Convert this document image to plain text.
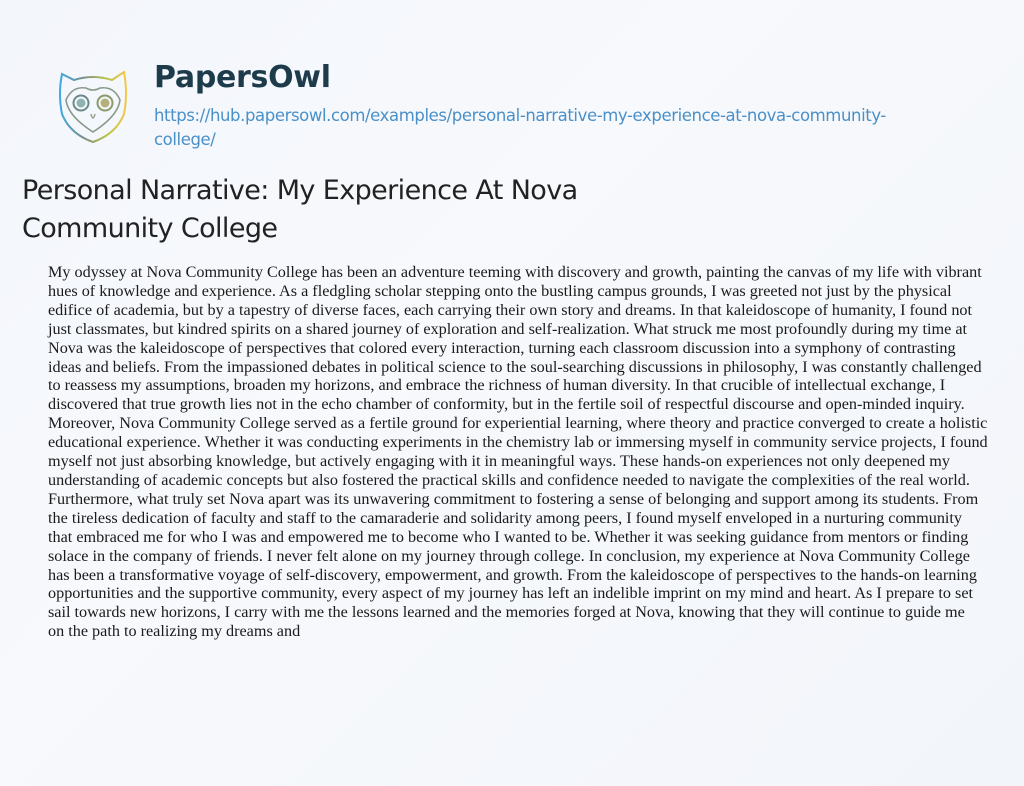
PapersOwl
https://hub.papersowl.com/examples/personal-narrative-my-experience-at-nova-community-
college/
Personal Narrative: My Experience At Nova Community College
My odyssey at Nova Community College has been an adventure teeming with discovery and growth, painting the canvas of my life with vibrant
hues of knowledge and experience. As a fledgling scholar stepping onto the bustling campus grounds, I was greeted not just by the physical
edifice of academia, but by a tapestry of diverse faces, each carrying their own story and dreams. In that kaleidoscope of humanity, I found not
just classmates, but kindred spirits on a shared journey of exploration and self-realization. What struck me most profoundly during my time at
Nova was the kaleidoscope of perspectives that colored every interaction, turning each classroom discussion into a symphony of contrasting
ideas and beliefs. From the impassioned debates in political science to the soul-searching discussions in philosophy, I was constantly challenged
to reassess my assumptions, broaden my horizons, and embrace the richness of human diversity. In that crucible of intellectual exchange, I
discovered that true growth lies not in the echo chamber of conformity, but in the fertile soil of respectful discourse and open-minded inquiry.
Moreover, Nova Community College served as a fertile ground for experiential learning, where theory and practice converged to create a holistic
educational experience. Whether it was conducting experiments in the chemistry lab or immersing myself in community service projects, I found
myself not just absorbing knowledge, but actively engaging with it in meaningful ways. These hands-on experiences not only deepened my
understanding of academic concepts but also fostered the practical skills and confidence needed to navigate the complexities of the real world.
Furthermore, what truly set Nova apart was its unwavering commitment to fostering a sense of belonging and support among its students. From
the tireless dedication of faculty and staff to the camaraderie and solidarity among peers, I found myself enveloped in a nurturing community
that embraced me for who I was and empowered me to become who I wanted to be. Whether it was seeking guidance from mentors or finding
solace in the company of friends. I never felt alone on my journey through college. In conclusion, my experience at Nova Community College
has been a transformative voyage of self-discovery, empowerment, and growth. From the kaleidoscope of perspectives to the hands-on learning
opportunities and the supportive community, every aspect of my journey has left an indelible imprint on my mind and heart. As I prepare to set
sail towards new horizons, I carry with me the lessons learned and the memories forged at Nova, knowing that they will continue to guide me
on the path to realizing my dreams and
